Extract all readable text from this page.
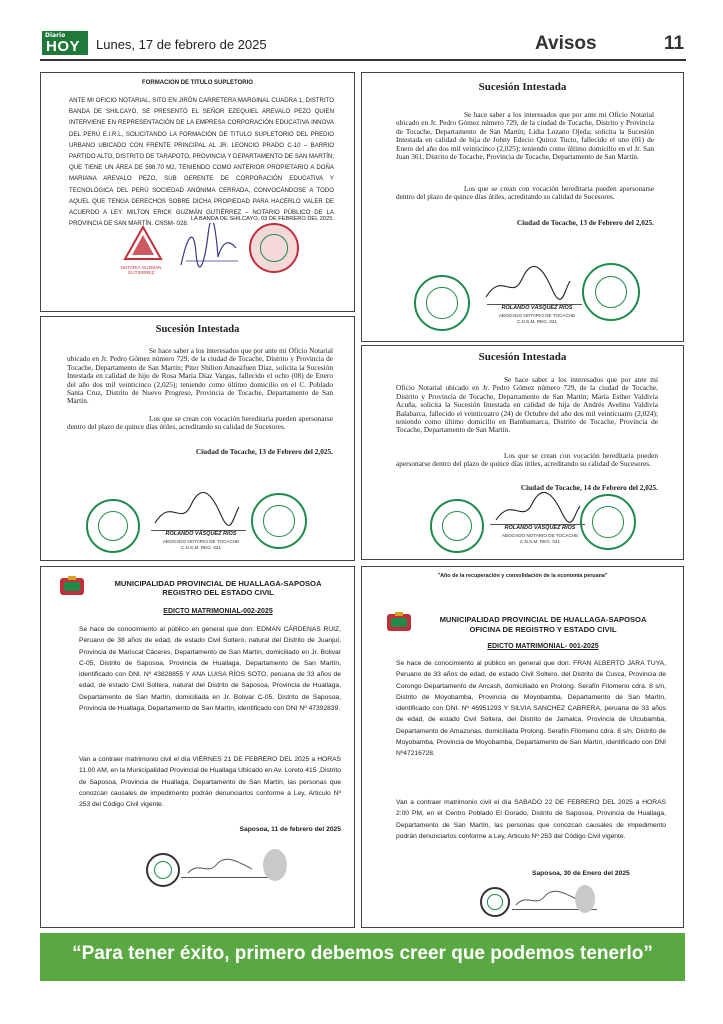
Diario
HOY Lunes, 17 de febrero de 2025	Avisos	11
FORMACION DE TITULO SUPLETORIO
ANTE MI OFICIO NOTARIAL, SITO EN JIRÓN CARRETERA MARGINAL CUADRA 1, DISTRITO BANDA DE SHILCAYO, SE PRESENTÓ EL SEÑOR EZEQUIEL AREVALO PEZO QUIEN INTERVIENE EN REPRESENTACIÓN DE LA EMPRESA CORPORACIÓN EDUCATIVA INNOVA DEL PERÚ E.I.R.L, SOLICITANDO LA FORMACIÓN DE TITULO SUPLETORIO DEL PREDIO URBANO UBICADO CON FRENTE PRINCIPAL AL JR. LEONCIO PRADO C-10 – BARRIO PARTIDO ALTO, DISTRITO DE TARAPOTO, PROVINCIA Y DEPARTAMENTO DE SAN MARTÍN; QUE TIENE UN ÁREA DE 598.70 M2, TENIENDO COMO ANTERIOR PROPIETARIO A DOÑA MARIANA AREVALO PEZO, SUB GERENTE DE CORPORACIÓN EDUCATIVA Y TECNOLÓGICA DEL PERÚ SOCIEDAD ANÓNIMA CERRADA, CONVOCÁNDOSE A TODO AQUEL QUE TENGA DERECHOS SOBRE DICHA PROPIEDAD PARA HACERLO VALER DE ACUERDO A LEY. MILTON ERICK GUZMÁN GUTIÉRREZ – NOTARIO PÚBLICO DE LA PROVINCIA DE SAN MARTÍN. CNSM- 028.
LA BANDA DE SHILCAYO, 03 DE FEBRERO DEL 2025.
NOTARIA GUZMAN GUTIERREZ
Sucesión Intestada
Se hace saber a los interesados que por ante mi Oficio Notarial ubicado en Jr. Pedro Gómez número 729, de la ciudad de Tocache, Distrito y Provincia de Tocache, Departamento de San Martín; Lidia Lozano Ojeda; solicita la Sucesión Intestada en calidad de hija de Johny Edecio Quiroz Tucto, fallecido el uno (01) de Enero del año dos mil veinticinco (2,025); teniendo como último domicilio en el Jr. San Juan 361, Distrito de Tocache, Provincia de Tocache, Departamento de San Martín.
Los que se crean con vocación hereditaria pueden apersonarse dentro del plazo de quince días útiles, acreditando su calidad de Sucesores.
Ciudad de Tocache, 13 de Febrero del 2,025.
ROLANDO VÁSQUEZ RÍOS
ABOGADO NOTARIO DE TOCACHE
C.N.S.M. REG. 021
Sucesión Intestada
Se hace saber a los interesados que por ante mi Oficio Notarial ubicado en Jr. Pedro Gómez número 729, de la ciudad de Tocache, Distrito y Provincia de Tocache, Departamento de San Martín; Piter Shilton Amasifuen Díaz, solicita la Sucesión Intestada en calidad de hijo de Rosa María Díaz Vargas, fallecido el ocho (08) de Enero del año dos mil veinticinco (2,025); teniendo como último domicilio en el C. Poblado Santa Cruz, Distrito de Nuevo Progreso, Provincia de Tocache, Departamento de San Martín.
Los que se crean con vocación hereditaria pueden apersonarse dentro del plazo de quince días útiles, acreditando su calidad de Sucesores.
Ciudad de Tocache, 13 de Febrero del 2,025.
ROLANDO VÁSQUEZ RÍOS
ABOGADO NOTARIO DE TOCACHE
C.N.S.M. REG. 021
Sucesión Intestada
Se hace saber a los interesados que por ante mi Oficio Notarial ubicado en Jr. Pedro Gómez número 729, de la ciudad de Tocache, Distrito y Provincia de Tocache, Departamento de San Martín; María Esther Valdivia Acuña, solicita la Sucesión Intestada en calidad de hija de Andrés Avelino Valdivia Balabarca, fallecido el veinticuatro (24) de Octubre del año dos mil veinticuatro (2,024); teniendo como último domicilio en Bambamarca, Distrito de Tocache, Provincia de Tocache, Departamento de San Martín.
Los que se crean con vocación hereditaria pueden apersonarse dentro del plazo de quince días útiles, acreditando su calidad de Sucesores.
Ciudad de Tocache, 14 de Febrero del 2,025.
ROLANDO VÁSQUEZ RÍOS
ABOGADO NOTARIO DE TOCACHE
C.N.S.M. REG. 021
MUNICIPALIDAD PROVINCIAL DE HUALLAGA-SAPOSOA
REGISTRO DEL ESTADO CIVIL
EDICTO MATRIMONIAL-002-2025
Se hace de conocimiento al público en general que don: EDMAN CÁRDENAS RUIZ, Peruano de 38 años de edad, de estado Civil Soltero, natural del Distrito de Juanjuí, Provincia de Mariscal Cáceres, Departamento de San Martín, domiciliado en Jr. Bolivar C-05, Distrito de Saposoa, Provincia de Huallaga, Departamento de San Martín, identificado con DNI. Nº 43828855 Y ANA LUISA RÍOS SOTO, peruana de 33 años de edad, de estado Civil Soltera, natural del Distrito de Saposoa, Provincia de Huallaga, Departamento de San Martín, domiciliada en Jr. Bolivar C-05. Distrito de Saposoa, Provincia de Huallaga, Departamento de San Martín, identificado con DNI Nº 47392839.
Van a contraer matrimonio civil el día VIERNES 21 DE FEBRERO DEL 2025 a HORAS 11.00 AM, en la Municipalidad Provincial de Huallaga Ubicado en Av. Loreto 415 ,Distrito de Saposoa, Provincia de Huallaga, Departamento de San Martín, las personas que conozcan causales de impedimento podrán denunciarlos conforme a Ley, Articulo Nº 253 del Código Civil vigente.
Saposoa, 11 de febrero del 2025
"Año de la recuperación y consolidación de la economía peruana"
MUNICIPALIDAD PROVINCIAL DE HUALLAGA-SAPOSOA
OFICINA DE REGISTRO Y ESTADO CIVIL
EDICTO MATRIMONIAL- 001-2025
Se hace de conocimiento al público en general que don: FRAN ALBERTO JARA TUYA, Peruano de 33 años de edad, de estado Civil Soltero, del Distrito de Cusca, Provincia de Corongo Departamento de Ancash, domiciliado en Prolong. Serafín Filomeno cdra. 8 s/n, Distrito de Moyobamba, Provincia de Moyobamba, Departamento de San Martín, identificado con DNI. Nº 46951293 Y SILVIA SANCHEZ CABRERA, peruana de 33 años de edad, de estado Civil Soltera, del Distrito de Jamalca, Provincia de Utcubamba, Departamento de Amazonas, domiciliada Prolong. Serafín Filomeno cdra. 8 s/n, Distrito de Moyobamba, Provincia de Moyobamba, Departamento de San Martín, identificado con DNI Nº47216728.
Van a contraer matrimonio civil el día SABADO 22 DE FEBRERO DEL 2025 a HORAS 2:00 PM, en el Centro Poblado El Dorado, Distrito de Saposoa, Provincia de Huallaga, Departamento de San Martín, las personas que conozcan causales de impedimento podrán denunciarlos conforme a Ley, Articulo Nº 253 del Código Civil vigente.
Saposoa, 30 de Enero del 2025
“Para tener éxito, primero debemos creer que podemos tenerlo”
